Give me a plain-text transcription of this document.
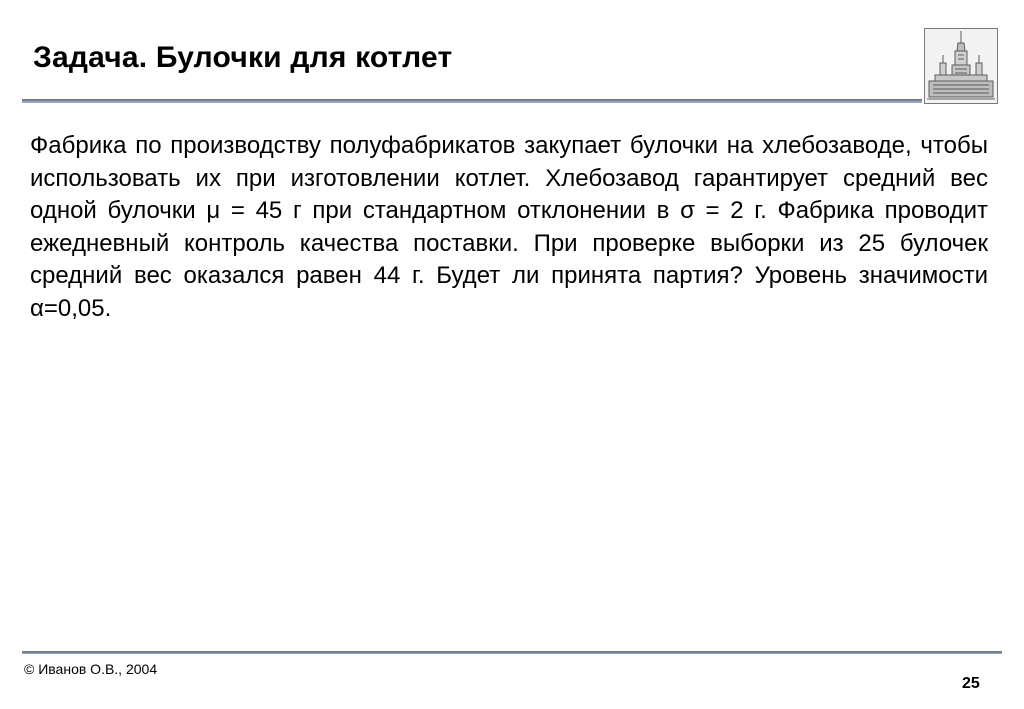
Задача. Булочки для котлет

Фабрика по производству полуфабрикатов закупает булочки на хлебозаводе, чтобы использовать их при изготовлении котлет. Хлебозавод гарантирует средний вес одной булочки μ = 45 г при стандартном отклонении в σ = 2 г. Фабрика проводит ежедневный контроль качества поставки. При проверке выборки из 25 булочек средний вес оказался равен 44 г. Будет ли принята партия? Уровень значимости α=0,05.

© Иванов О.В., 2004

25
